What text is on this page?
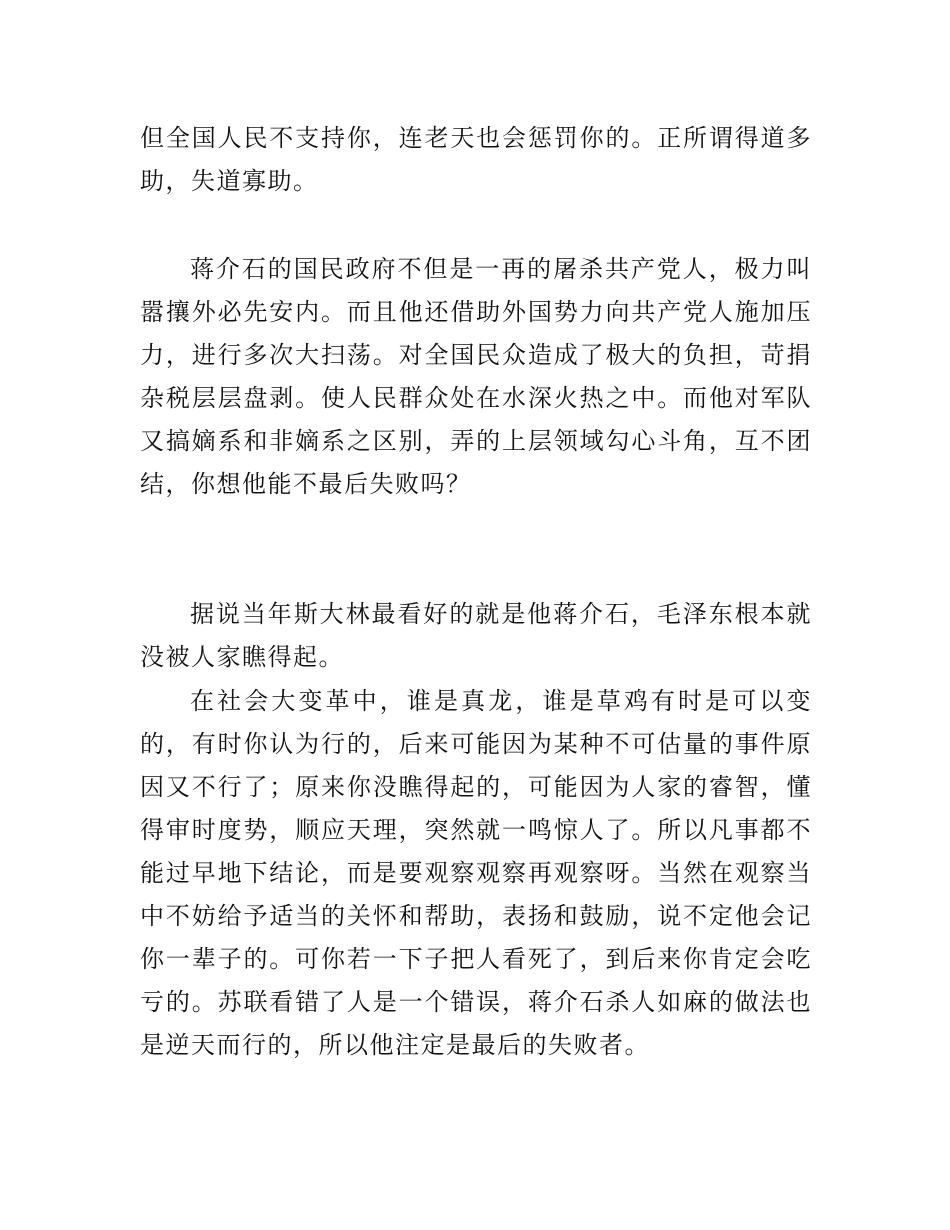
但全国人民不支持你，连老天也会惩罚你的。正所谓得道多助，失道寡助。

蒋介石的国民政府不但是一再的屠杀共产党人，极力叫嚣攘外必先安内。而且他还借助外国势力向共产党人施加压力，进行多次大扫荡。对全国民众造成了极大的负担，苛捐杂税层层盘剥。使人民群众处在水深火热之中。而他对军队又搞嫡系和非嫡系之区别，弄的上层领域勾心斗角，互不团结，你想他能不最后失败吗？

据说当年斯大林最看好的就是他蒋介石，毛泽东根本就没被人家瞧得起。

在社会大变革中，谁是真龙，谁是草鸡有时是可以变的，有时你认为行的，后来可能因为某种不可估量的事件原因又不行了；原来你没瞧得起的，可能因为人家的睿智，懂得审时度势，顺应天理，突然就一鸣惊人了。所以凡事都不能过早地下结论，而是要观察观察再观察呀。当然在观察当中不妨给予适当的关怀和帮助，表扬和鼓励，说不定他会记你一辈子的。可你若一下子把人看死了，到后来你肯定会吃亏的。苏联看错了人是一个错误，蒋介石杀人如麻的做法也是逆天而行的，所以他注定是最后的失败者。
